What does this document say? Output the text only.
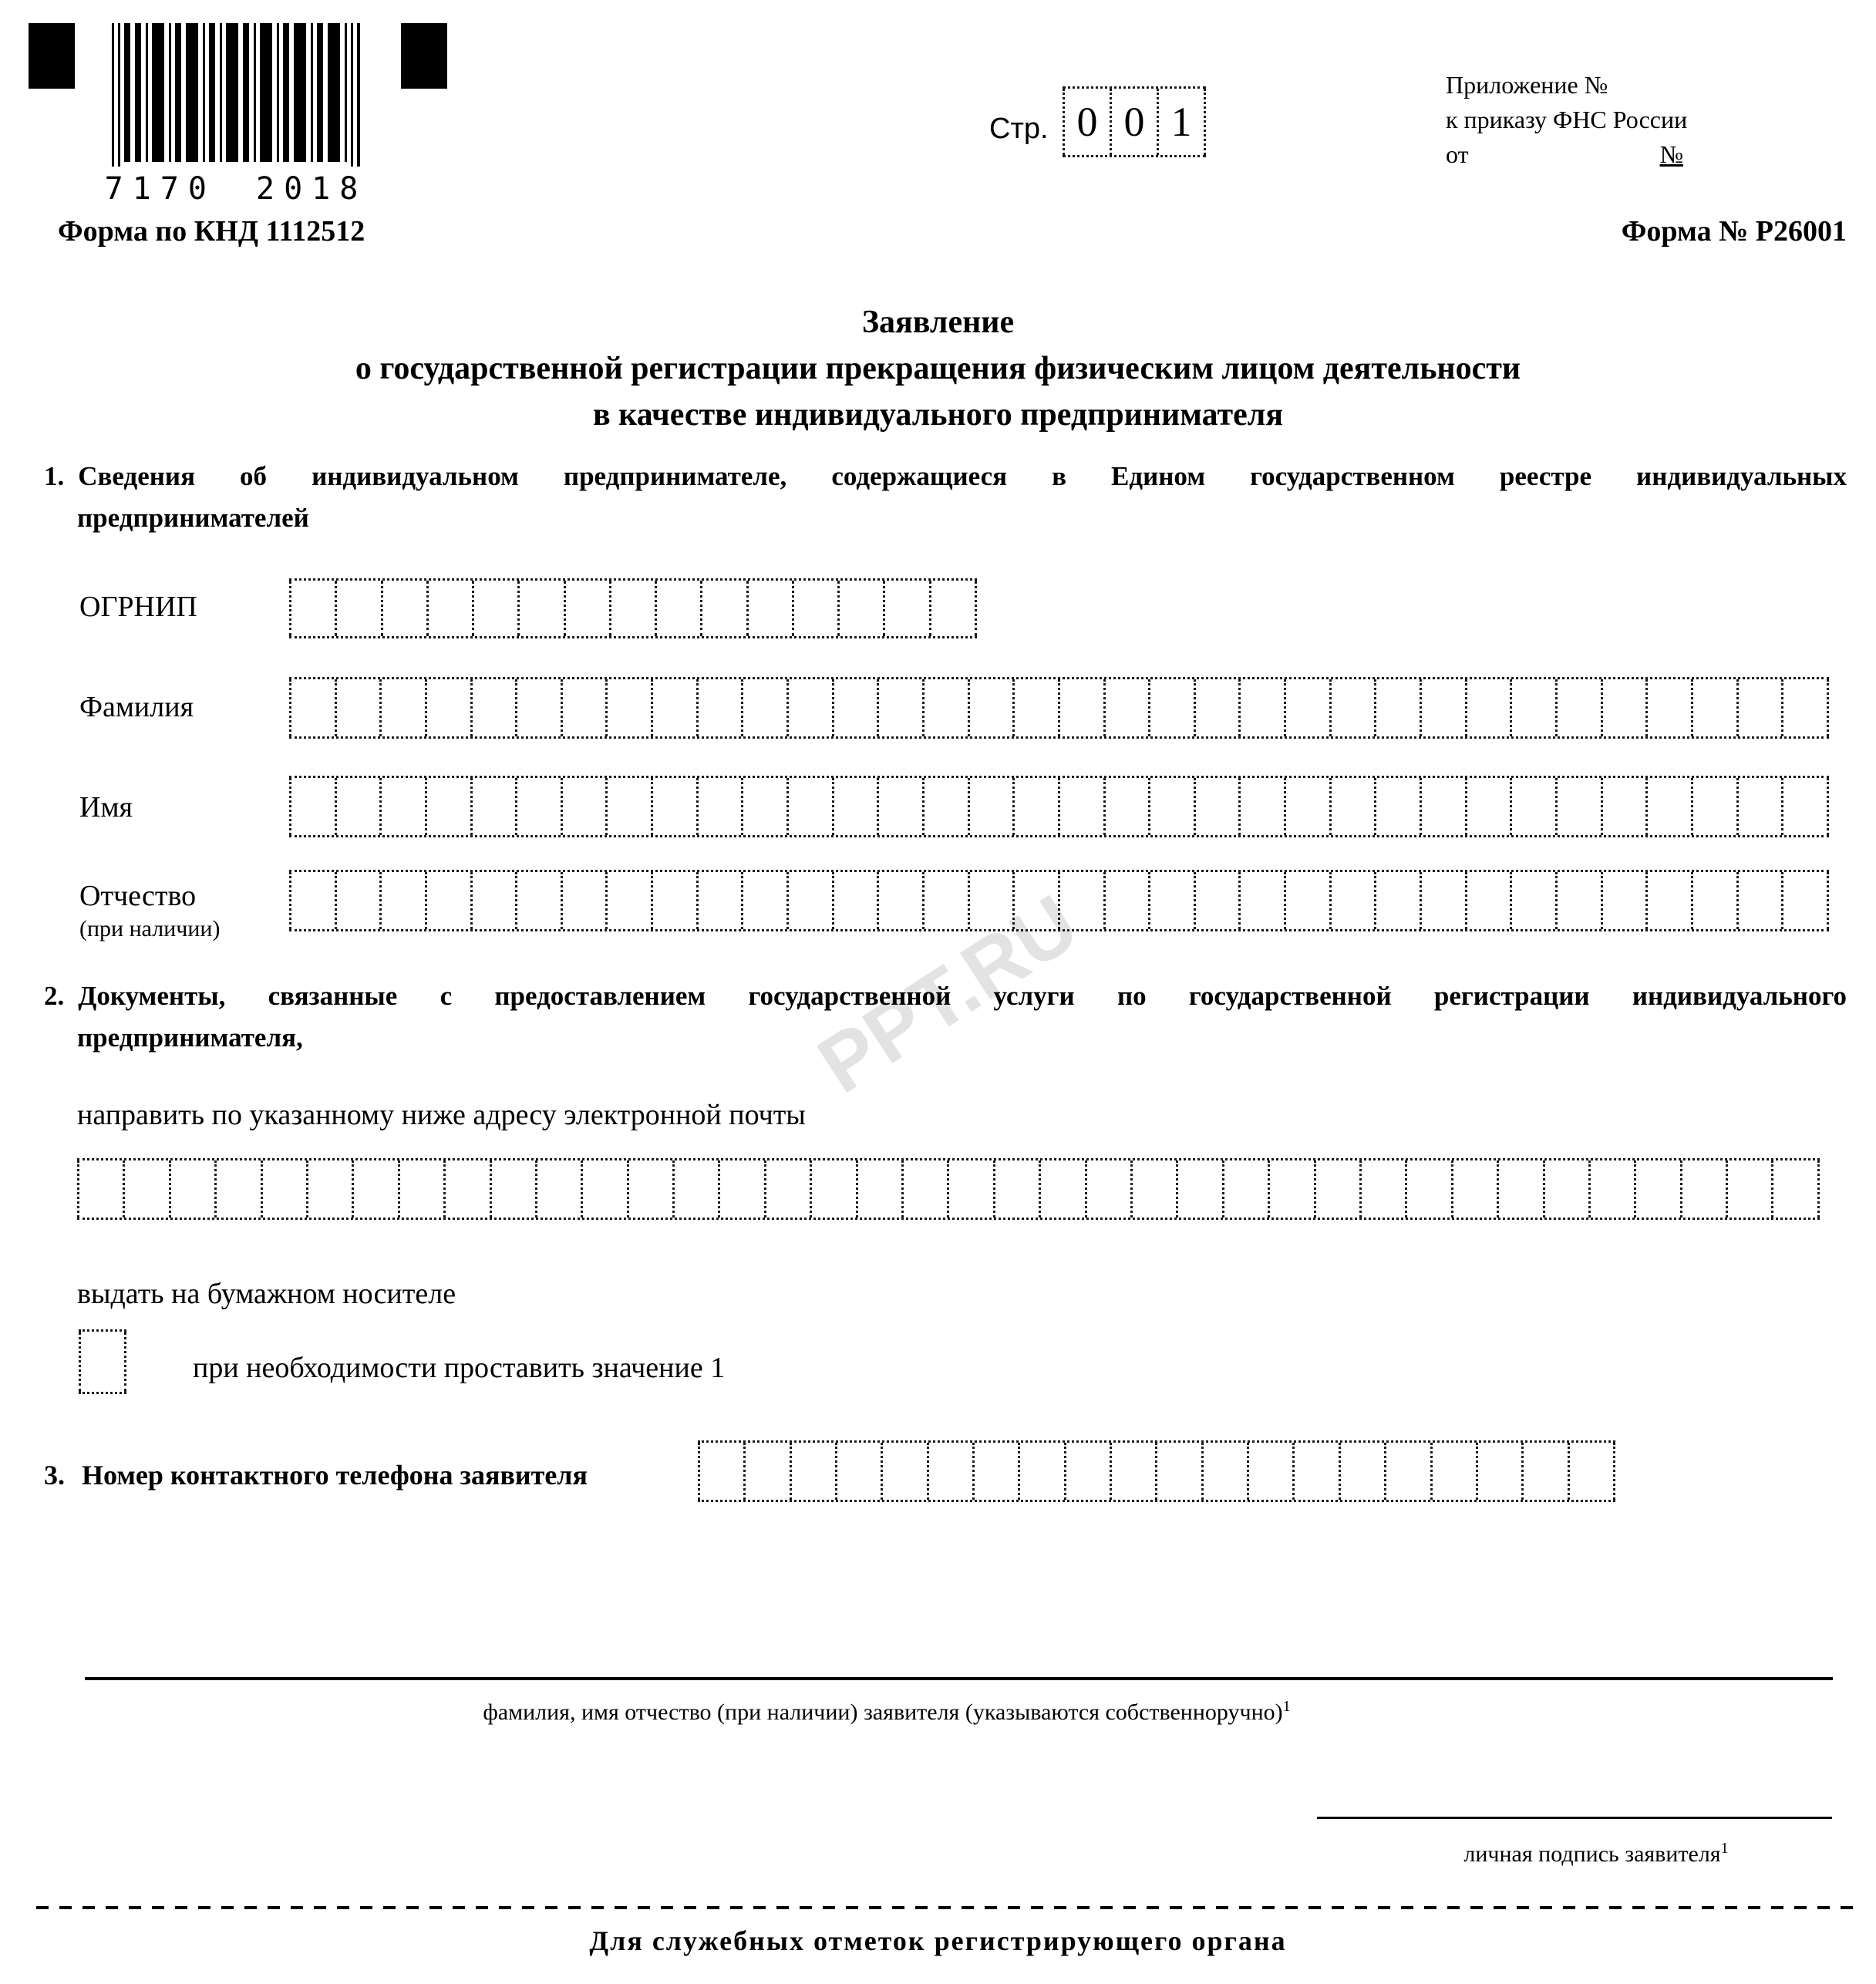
PPT.RU
7170 2018
Стр. 0 0 1
Приложение №
к приказу ФНС России
от	№
Форма по КНД 1112512	Форма № Р26001
Заявление
о государственной регистрации прекращения физическим лицом деятельности
в качестве индивидуального предпринимателя
1. Сведения об индивидуальном предпринимателе, содержащиеся в Едином государственном реестре индивидуальных
предпринимателей
ОГРНИП
Фамилия
Имя
Отчество
(при наличии)
2. Документы, связанные с предоставлением государственной услуги по государственной регистрации индивидуального
предпринимателя,
направить по указанному ниже адресу электронной почты
выдать на бумажном носителе
при необходимости проставить значение 1
3. Номер контактного телефона заявителя
фамилия, имя отчество (при наличии) заявителя (указываются собственноручно)$^1$
личная подпись заявителя$^1$
Для служебных отметок регистрирующего органа
